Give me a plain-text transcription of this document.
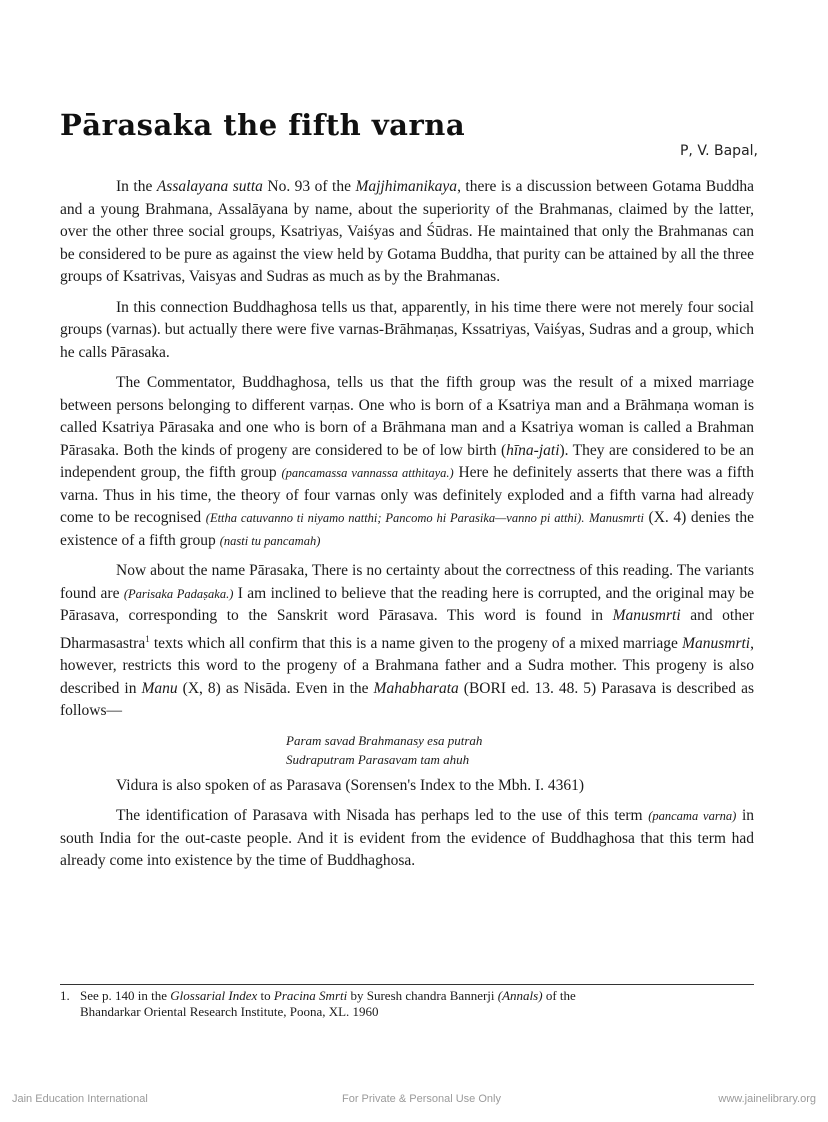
Pārasaka the fifth varna
P, V. Bapal,

In the Assalayana sutta No. 93 of the Majjhimanikaya, there is a discussion between Gotama Buddha and a young Brahmana, Assalāyana by name, about the superiority of the Brahmanas, claimed by the latter, over the other three social groups, Ksatriyas, Vaiśyas and Śūdras. He maintained that only the Brahmanas can be considered to be pure as against the view held by Gotama Buddha, that purity can be attained by all the three groups of Ksatrivas, Vaisyas and Sudras as much as by the Brahmanas.

In this connection Buddhaghosa tells us that, apparently, in his time there were not merely four social groups (varnas). but actually there were five varnas-Brāhmaṇas, Kssatriyas, Vaiśyas, Sudras and a group, which he calls Pārasaka.

The Commentator, Buddhaghosa, tells us that the fifth group was the result of a mixed marriage between persons belonging to different varṇas. One who is born of a Ksatriya man and a Brāhmaṇa woman is called Ksatriya Pārasaka and one who is born of a Brāhmana man and a Ksatriya woman is called a Brahman Pārasaka. Both the kinds of progeny are considered to be of low birth (hīna-jati). They are considered to be an independent group, the fifth group (pancamassa vannassa atthitaya.) Here he definitely asserts that there was a fifth varna. Thus in his time, the theory of four varnas only was definitely exploded and a fifth varna had already come to be recognised (Ettha catuvanno ti niyamo natthi; Pancomo hi Parasika—vanno pi atthi). Manusmrti (X. 4) denies the existence of a fifth group (nasti tu pancamah)

Now about the name Pārasaka, There is no certainty about the correctness of this reading. The variants found are (Parisaka Padaṣaka.) I am inclined to believe that the reading here is corrupted, and the original may be Pārasava, corresponding to the Sanskrit word Pārasava. This word is found in Manusmrti and other Dharmasastra$^1$ texts which all confirm that this is a name given to the progeny of a mixed marriage Manusmrti, however, restricts this word to the progeny of a Brahmana father and a Sudra mother. This progeny is also described in Manu (X, 8) as Nisāda. Even in the Mahabharata (BORI ed. 13. 48. 5) Parasava is described as follows—

Param savad Brahmanasy esa putrah
Sudraputram Parasavam tam ahuh

Vidura is also spoken of as Parasava (Sorensen's Index to the Mbh. I. 4361)

The identification of Parasava with Nisada has perhaps led to the use of this term (pancama varna) in south India for the out-caste people. And it is evident from the evidence of Buddhaghosa that this term had already come into existence by the time of Buddhaghosa.

1. See p. 140 in the Glossarial Index to Pracina Smrti by Suresh chandra Bannerji (Annals) of the
Bhandarkar Oriental Research Institute, Poona, XL. 1960
Jain Education International	For Private & Personal Use Only	www.jainelibrary.org
